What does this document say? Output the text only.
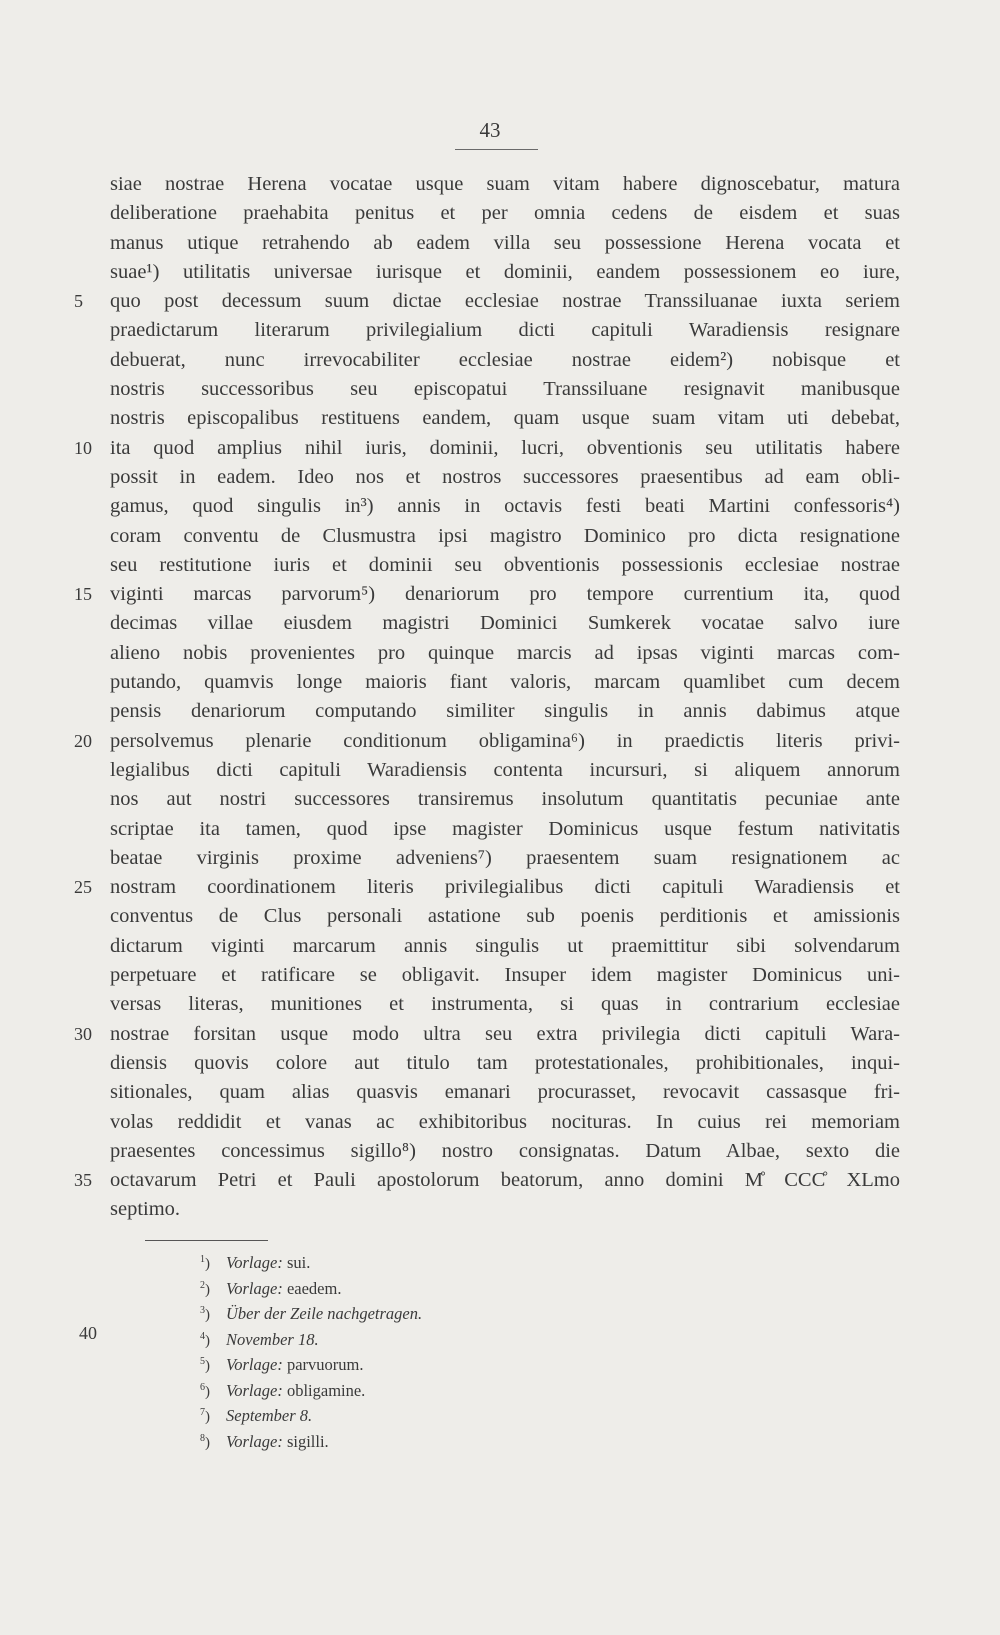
43
siae nostrae Herena vocatae usque suam vitam habere dignoscebatur, matura
deliberatione praehabita penitus et per omnia cedens de eisdem et suas
manus utique retrahendo ab eadem villa seu possessione Herena vocata et
suae¹) utilitatis universae iurisque et dominii, eandem possessionem eo iure,
5	quo post decessum suum dictae ecclesiae nostrae Transsiluanae iuxta seriem
praedictarum literarum privilegialium dicti capituli Waradiensis resignare
debuerat, nunc irrevocabiliter ecclesiae nostrae eidem²) nobisque et
nostris successoribus seu episcopatui Transsiluane resignavit manibusque
nostris episcopalibus restituens eandem, quam usque suam vitam uti debebat,
10 ita quod amplius nihil iuris, dominii, lucri, obventionis seu utilitatis habere
possit in eadem. Ideo nos et nostros successores praesentibus ad eam obli-
gamus, quod singulis in³) annis in octavis festi beati Martini confessoris⁴)
coram conventu de Clusmustra ipsi magistro Dominico pro dicta resignatione
seu restitutione iuris et dominii seu obventionis possessionis ecclesiae nostrae
15 viginti marcas parvorum⁵) denariorum pro tempore currentium ita, quod
decimas villae eiusdem magistri Dominici Sumkerek vocatae salvo iure
alieno nobis provenientes pro quinque marcis ad ipsas viginti marcas com-
putando, quamvis longe maioris fiant valoris, marcam quamlibet cum decem
pensis denariorum computando similiter singulis in annis dabimus atque
20 persolvemus plenarie conditionum obligamina⁶) in praedictis literis privi-
legialibus dicti capituli Waradiensis contenta incursuri, si aliquem annorum
nos aut nostri successores transiremus insolutum quantitatis pecuniae ante
scriptae ita tamen, quod ipse magister Dominicus usque festum nativitatis
beatae virginis proxime adveniens⁷) praesentem suam resignationem ac
25 nostram coordinationem literis privilegialibus dicti capituli Waradiensis et
conventus de Clus personali astatione sub poenis perditionis et amissionis
dictarum viginti marcarum annis singulis ut praemittitur sibi solvendarum
perpetuare et ratificare se obligavit. Insuper idem magister Dominicus uni-
versas literas, munitiones et instrumenta, si quas in contrarium ecclesiae
30 nostrae forsitan usque modo ultra seu extra privilegia dicti capituli Wara-
diensis quovis colore aut titulo tam protestationales, prohibitionales, inqui-
sitionales, quam alias quasvis emanari procurasset, revocavit cassasque fri-
volas reddidit et vanas ac exhibitoribus nocituras. In cuius rei memoriam
praesentes concessimus sigillo⁸) nostro consignatas. Datum Albae, sexto die
35 octavarum Petri et Pauli apostolorum beatorum, anno domini M̊ CCC̊ XLmo
septimo.
40
$^1$) Vorlage: sui.
$^2$) Vorlage: eaedem.
$^3$) Über der Zeile nachgetragen.
$^4$) November 18.
$^5$) Vorlage: parvuorum.
$^6$) Vorlage: obligamine.
$^7$) September 8.
$^8$) Vorlage: sigilli.
